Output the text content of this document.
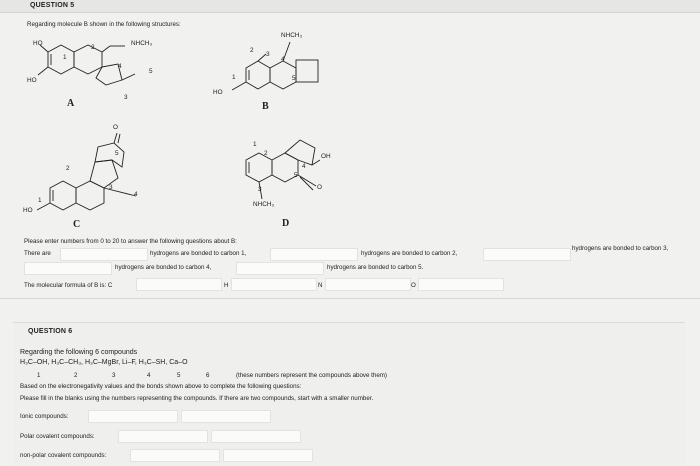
QUESTION 5
Regarding molecule B shown in the following structures:
HO
HO
NHCH₃
1
2
3
4
5
A
NHCH₃
HO
1
2
3
4
5
B
O
HO
1
2
3
4
5
C
OH
O
NHCH₃
1
2
3
4
5
D
Please enter numbers from 0 to 20 to answer the following questions about B:
There are	hydrogens are bonded to carbon 1,	hydrogens are bonded to carbon 2,
hydrogens are bonded to carbon 3,
hydrogens are bonded to carbon 4,	hydrogens are bonded to carbon 5.
The molecular formula of B is: C	H	N	O
QUESTION 6
Regarding the following 6 compounds
H₃C–OH, H₃C–CH₃, H₃C–MgBr, Li–F, H₃C–SH, Ca–O
1	2	3	4	5	6	(these numbers represent the compounds above them)
Based on the electronegativity values and the bonds shown above to complete the following questions:
Please fill in the blanks using the numbers representing the compounds. If there are two compounds, start with a smaller number.
Ionic compounds:
Polar covalent compounds:
non-polar covalent compounds:
